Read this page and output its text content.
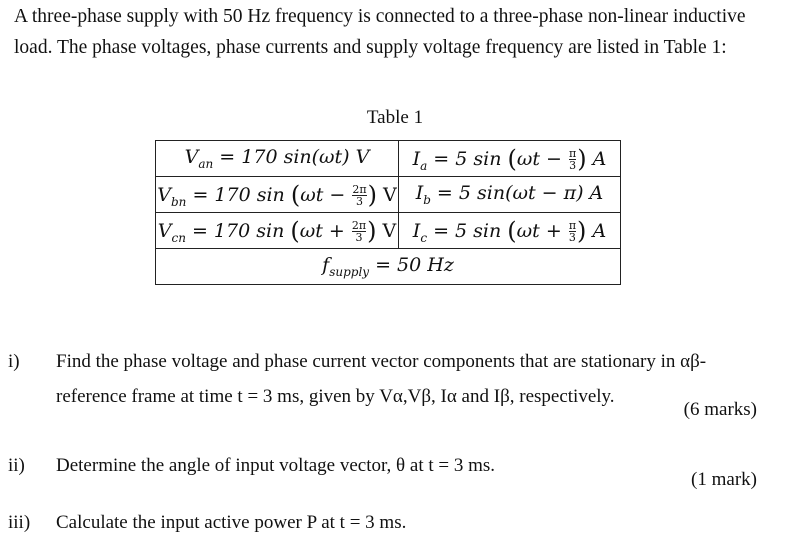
A three-phase supply with 50 Hz frequency is connected to a three-phase non-linear inductive
load. The phase voltages, phase currents and supply voltage frequency are listed in Table 1:
Table 1
$V_{an} = 170$ sin(ωt) V	$I_a = 5$ $\sin (\omega t - \frac{\pi}{3}$ ) A
$V_{bn} = 170$ $\sin (\omega t - \frac{2\pi}{3}$ ) V	$I_b = 5$ sin(ωt − π) A
$V_{cn} = 170$ $\sin (\omega t + \frac{2\pi}{3}$ ) V	$I_c = 5$ $\sin (\omega t + \frac{\pi}{3}$ ) A
$f_{supply} = 50$ Hz	
i) Find the phase voltage and phase current vector components that are stationary in αβ-
reference frame at time t = 3 ms, given by Vα,Vβ, Iα and Iβ, respectively.
(6 marks)
ii) Determine the angle of input voltage vector, θ at t = 3 ms.
(1 mark)
iii) Calculate the input active power P at t = 3 ms.
